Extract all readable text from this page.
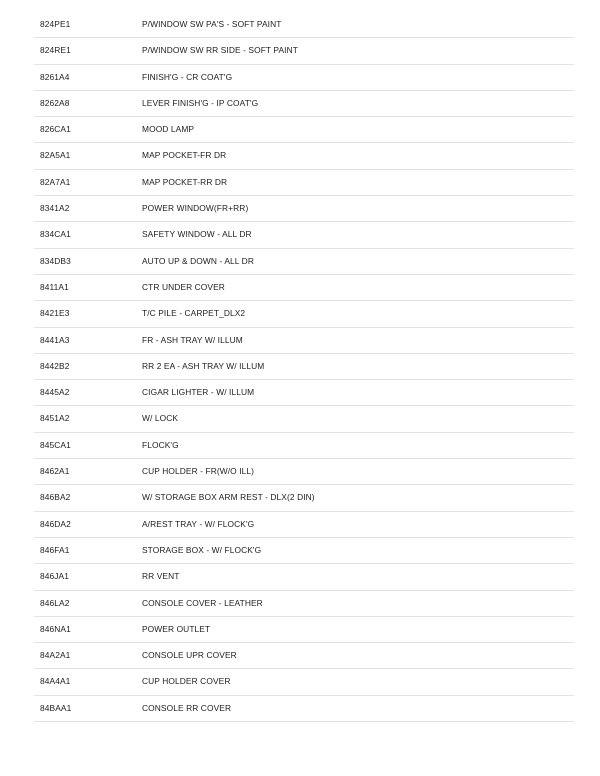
824PE1	P/WINDOW SW PA'S - SOFT PAINT
824RE1	P/WINDOW SW RR SIDE - SOFT PAINT
8261A4	FINISH'G - CR COAT'G
8262A8	LEVER FINISH'G - IP COAT'G
826CA1	MOOD LAMP
82A5A1	MAP POCKET-FR DR
82A7A1	MAP POCKET-RR DR
8341A2	POWER WINDOW(FR+RR)
834CA1	SAFETY WINDOW - ALL DR
834DB3	AUTO UP & DOWN - ALL DR
8411A1	CTR UNDER COVER
8421E3	T/C PILE - CARPET_DLX2
8441A3	FR - ASH TRAY W/ ILLUM
8442B2	RR 2 EA - ASH TRAY W/ ILLUM
8445A2	CIGAR LIGHTER - W/ ILLUM
8451A2	W/ LOCK
845CA1	FLOCK'G
8462A1	CUP HOLDER - FR(W/O ILL)
846BA2	W/ STORAGE BOX ARM REST - DLX(2 DIN)
846DA2	A/REST TRAY - W/ FLOCK'G
846FA1	STORAGE BOX - W/ FLOCK'G
846JA1	RR VENT
846LA2	CONSOLE COVER - LEATHER
846NA1	POWER OUTLET
84A2A1	CONSOLE UPR COVER
84A4A1	CUP HOLDER COVER
84BAA1	CONSOLE RR COVER
